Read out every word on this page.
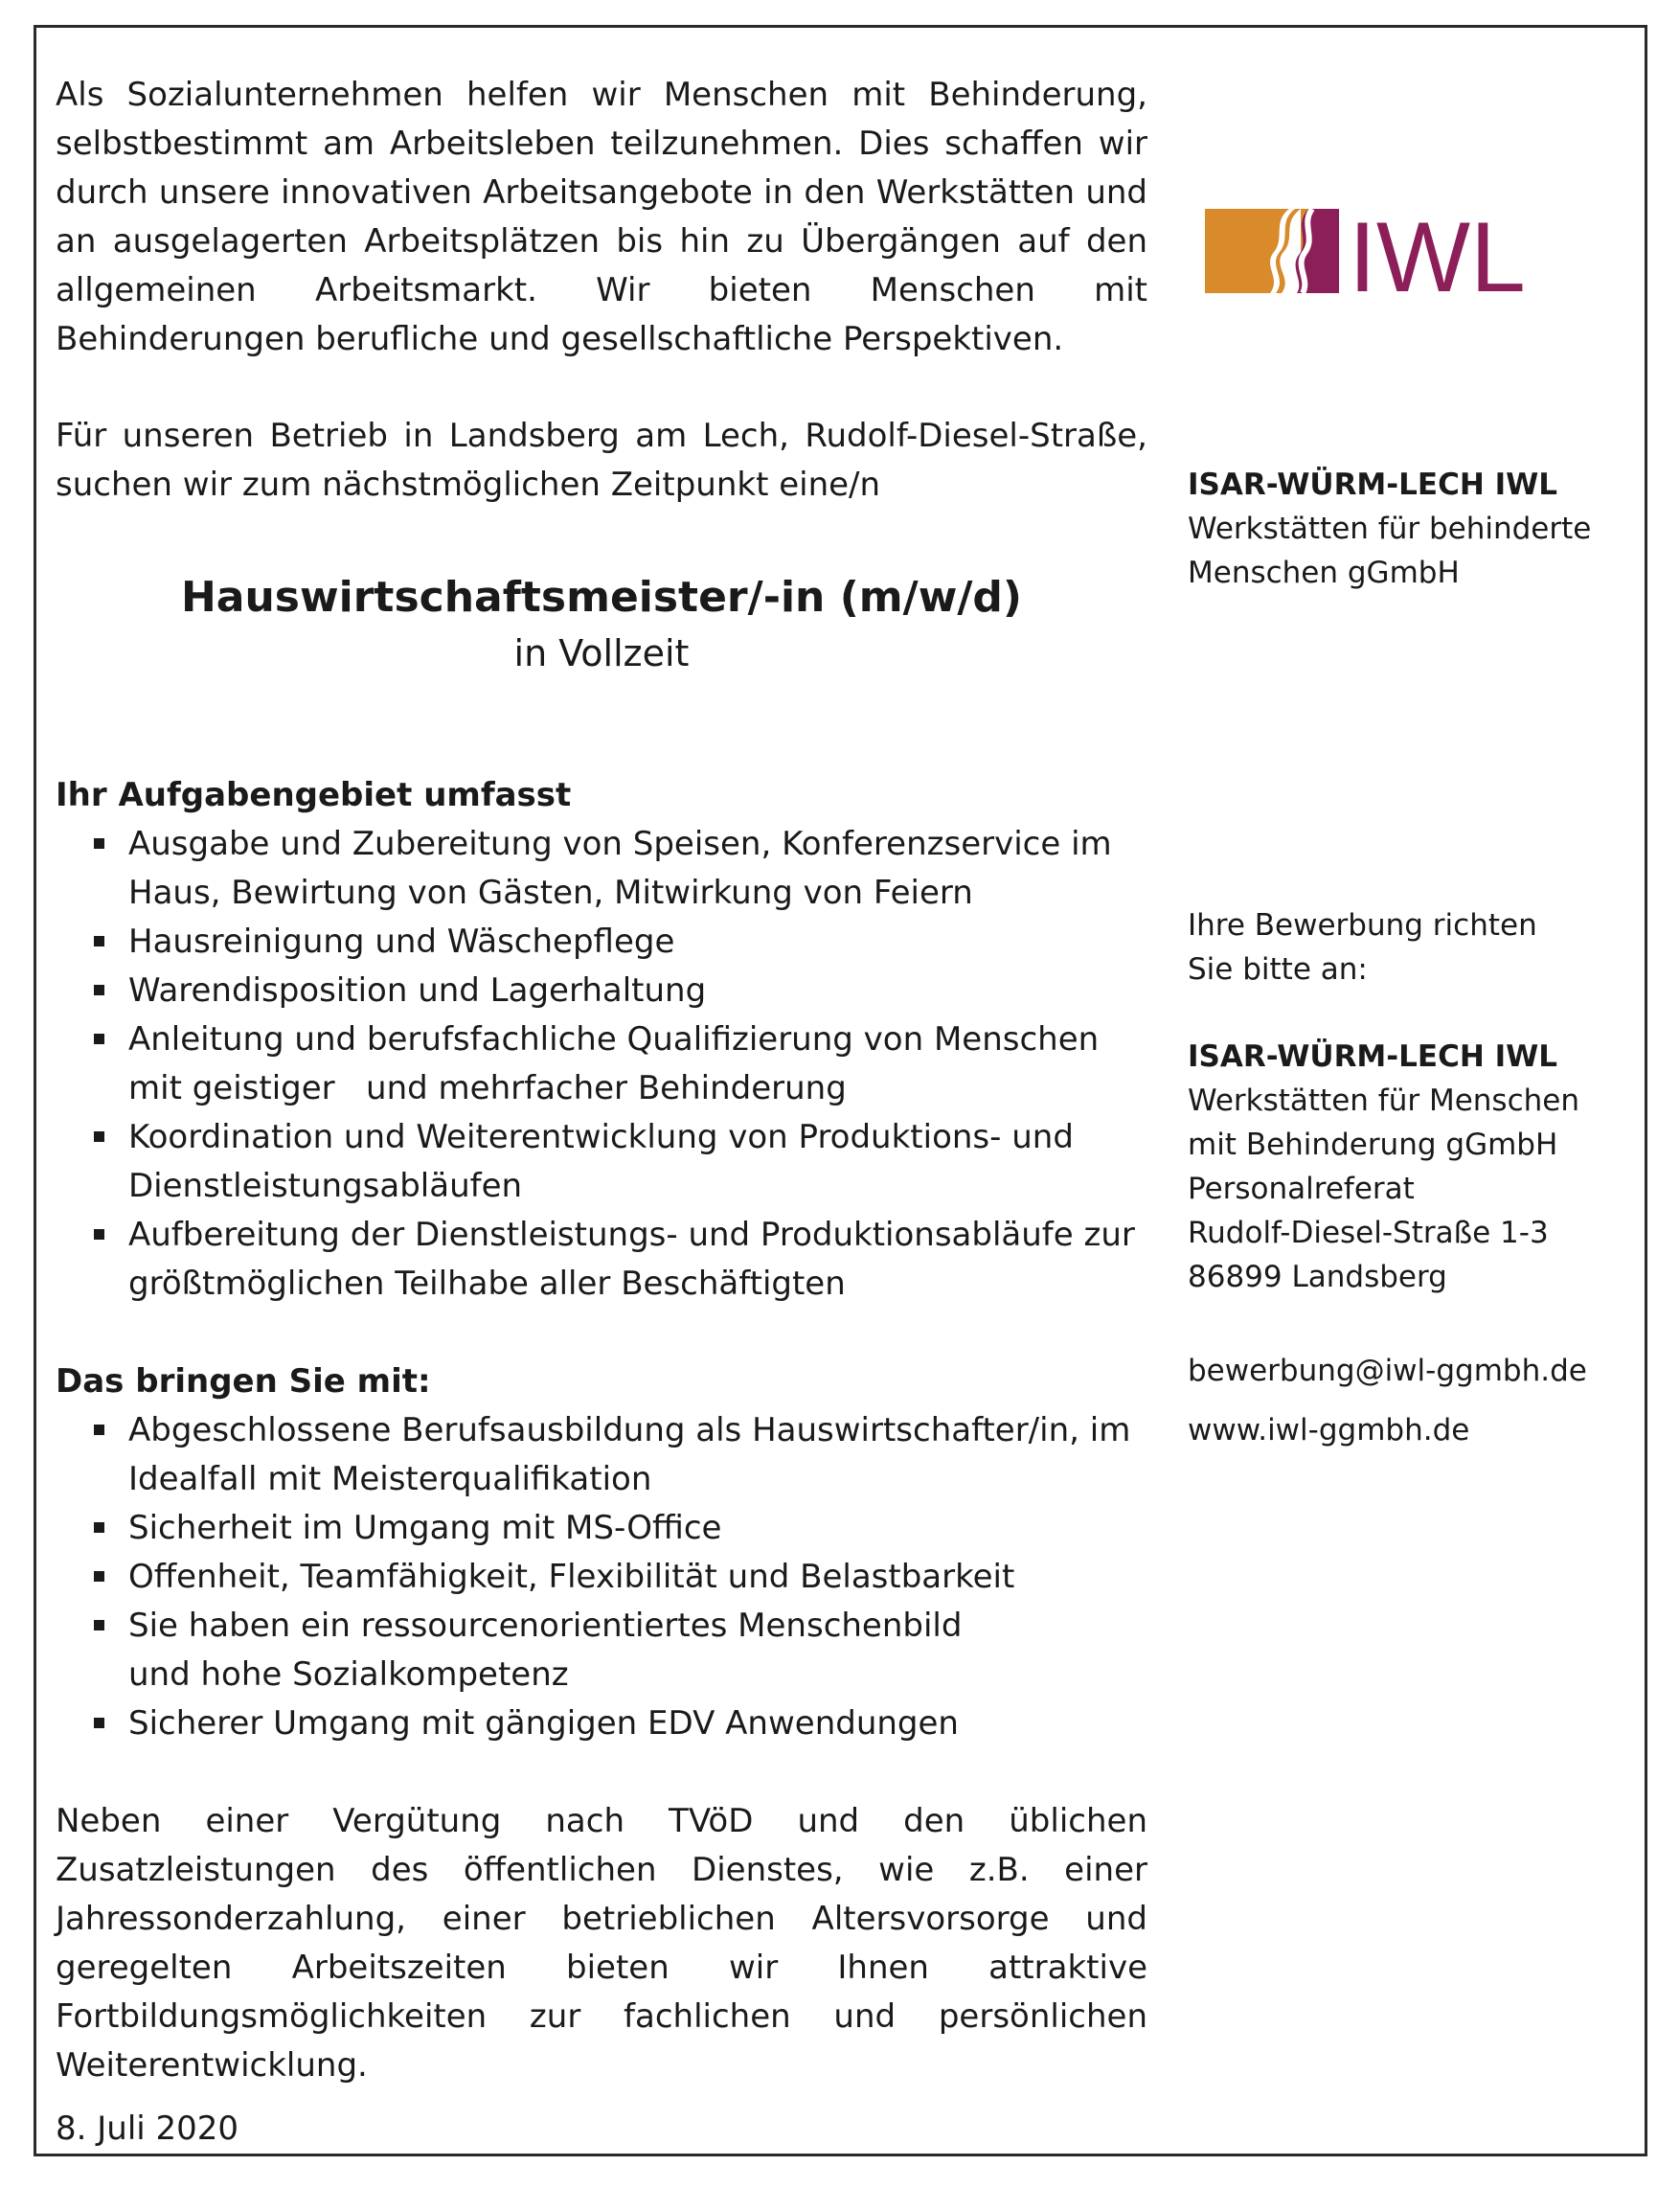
Als Sozialunternehmen helfen wir Menschen mit Behinderung, selbstbestimmt am Arbeitsleben teilzunehmen. Dies schaffen wir durch unsere innovativen Arbeitsangebote in den Werkstätten und an ausgelagerten Arbeitsplätzen bis hin zu Übergängen auf den allgemeinen Arbeitsmarkt. Wir bieten Menschen mit Behinderungen berufliche und gesellschaftliche Perspektiven.

Für unseren Betrieb in Landsberg am Lech, Rudolf-Diesel-Straße, suchen wir zum nächstmöglichen Zeitpunkt eine/n

Hauswirtschaftsmeister/-in (m/w/d)

in Vollzeit

Ihr Aufgabengebiet umfasst

Ausgabe und Zubereitung von Speisen, Konferenzservice im Haus, Bewirtung von Gästen, Mitwirkung von Feiern
Hausreinigung und Wäschepflege
Warendisposition und Lagerhaltung
Anleitung und berufsfachliche Qualifizierung von Menschen mit geistiger   und mehrfacher Behinderung
Koordination und Weiterentwicklung von Produktions- und Dienstleistungsabläufen
Aufbereitung der Dienstleistungs- und Produktionsabläufe zur größtmöglichen Teilhabe aller Beschäftigten

Das bringen Sie mit:

Abgeschlossene Berufsausbildung als Hauswirtschafter/in, im Idealfall mit Meisterqualifikation
Sicherheit im Umgang mit MS-Office
Offenheit, Teamfähigkeit, Flexibilität und Belastbarkeit
Sie haben ein ressourcenorientiertes Menschenbild und hohe Sozialkompetenz
Sicherer Umgang mit gängigen EDV Anwendungen

Neben einer Vergütung nach TVöD und den üblichen Zusatzleistungen des öffentlichen Dienstes, wie z.B. einer Jahressonderzahlung, einer betrieblichen Altersvorsorge und geregelten Arbeitszeiten bieten wir Ihnen attraktive Fortbildungsmöglichkeiten zur fachlichen und persönlichen Weiterentwicklung.

8. Juli 2020
IWL
ISAR-WÜRM-LECH IWL
Werkstätten für behinderte
Menschen gGmbH
Ihre Bewerbung richten
Sie bitte an:
ISAR-WÜRM-LECH IWL
Werkstätten für Menschen
mit Behinderung gGmbH
Personalreferat
Rudolf-Diesel-Straße 1-3
86899 Landsberg
bewerbung@iwl-ggmbh.de
www.iwl-ggmbh.de
